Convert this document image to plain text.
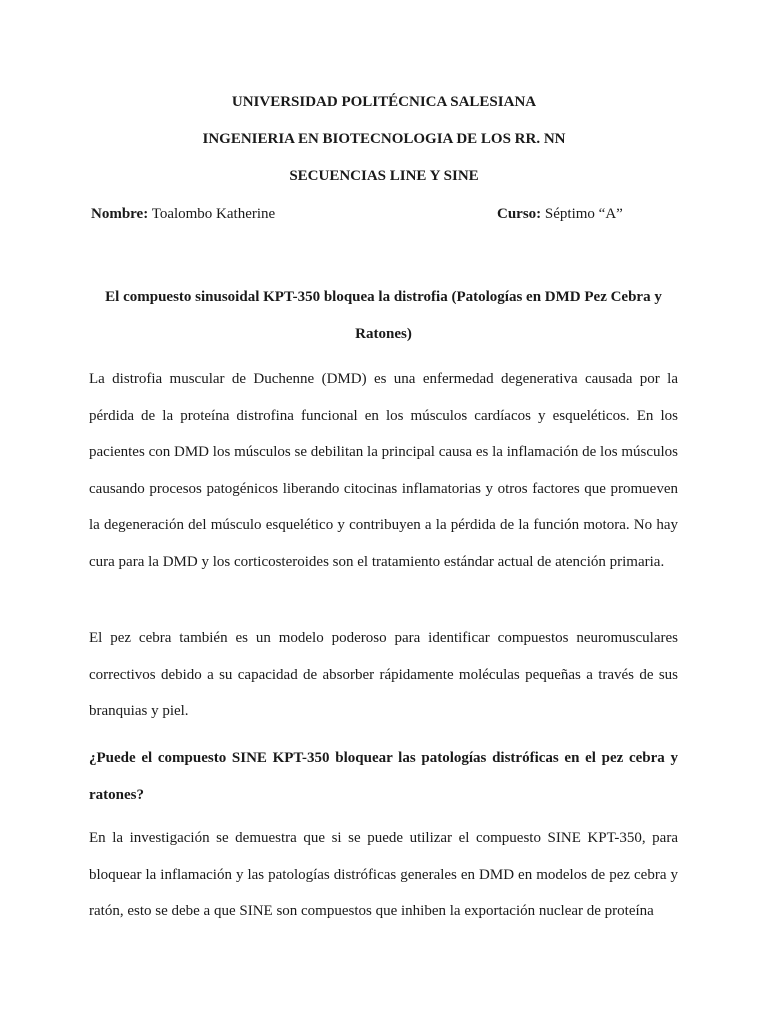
UNIVERSIDAD POLITÉCNICA SALESIANA

INGENIERIA EN BIOTECNOLOGIA DE LOS RR. NN

SECUENCIAS LINE Y SINE

Nombre: Toalombo Katherine	Curso: Séptimo “A”

El compuesto sinusoidal KPT-350 bloquea la distrofia (Patologías en DMD Pez Cebra y Ratones)

La distrofia muscular de Duchenne (DMD) es una enfermedad degenerativa causada por la pérdida de la proteína distrofina funcional en los músculos cardíacos y esqueléticos. En los pacientes con DMD los músculos se debilitan la principal causa es la inflamación de los músculos causando procesos patogénicos liberando citocinas inflamatorias y otros factores que promueven la degeneración del músculo esquelético y contribuyen a la pérdida de la función motora. No hay cura para la DMD y los corticosteroides son el tratamiento estándar actual de atención primaria.

El pez cebra también es un modelo poderoso para identificar compuestos neuromusculares correctivos debido a su capacidad de absorber rápidamente moléculas pequeñas a través de sus branquias y piel.

¿Puede el compuesto SINE KPT-350 bloquear las patologías distróficas en el pez cebra y ratones?

En la investigación se demuestra que si se puede utilizar el compuesto SINE KPT-350, para bloquear la inflamación y las patologías distróficas generales en DMD en modelos de pez cebra y ratón, esto se debe a que SINE son compuestos que inhiben la exportación nuclear de proteína
